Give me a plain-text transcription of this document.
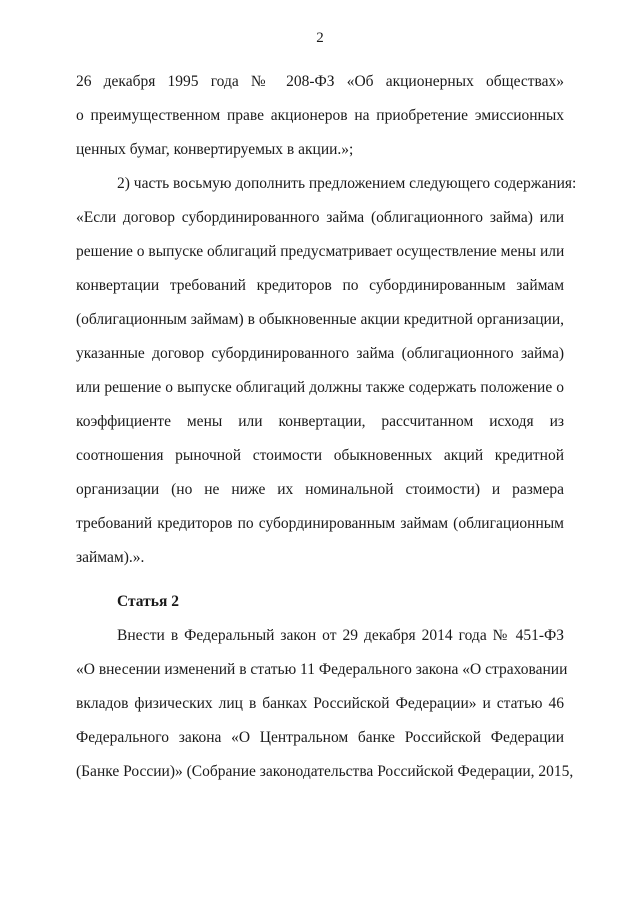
2
26 декабря 1995 года № 208-ФЗ «Об акционерных обществах»
о преимущественном праве акционеров на приобретение эмиссионных
ценных бумаг, конвертируемых в акции.»;
2) часть восьмую дополнить предложением следующего содержания:
«Если договор субординированного займа (облигационного займа) или
решение о выпуске облигаций предусматривает осуществление мены или
конвертации требований кредиторов по субординированным займам
(облигационным займам) в обыкновенные акции кредитной организации,
указанные договор субординированного займа (облигационного займа)
или решение о выпуске облигаций должны также содержать положение о
коэффициенте мены или конвертации, рассчитанном исходя из
соотношения рыночной стоимости обыкновенных акций кредитной
организации (но не ниже их номинальной стоимости) и размера
требований кредиторов по субординированным займам (облигационным
займам).».
Статья 2
Внести в Федеральный закон от 29 декабря 2014 года № 451-ФЗ
«О внесении изменений в статью 11 Федерального закона «О страховании
вкладов физических лиц в банках Российской Федерации» и статью 46
Федерального закона «О Центральном банке Российской Федерации
(Банке России)» (Собрание законодательства Российской Федерации, 2015,
